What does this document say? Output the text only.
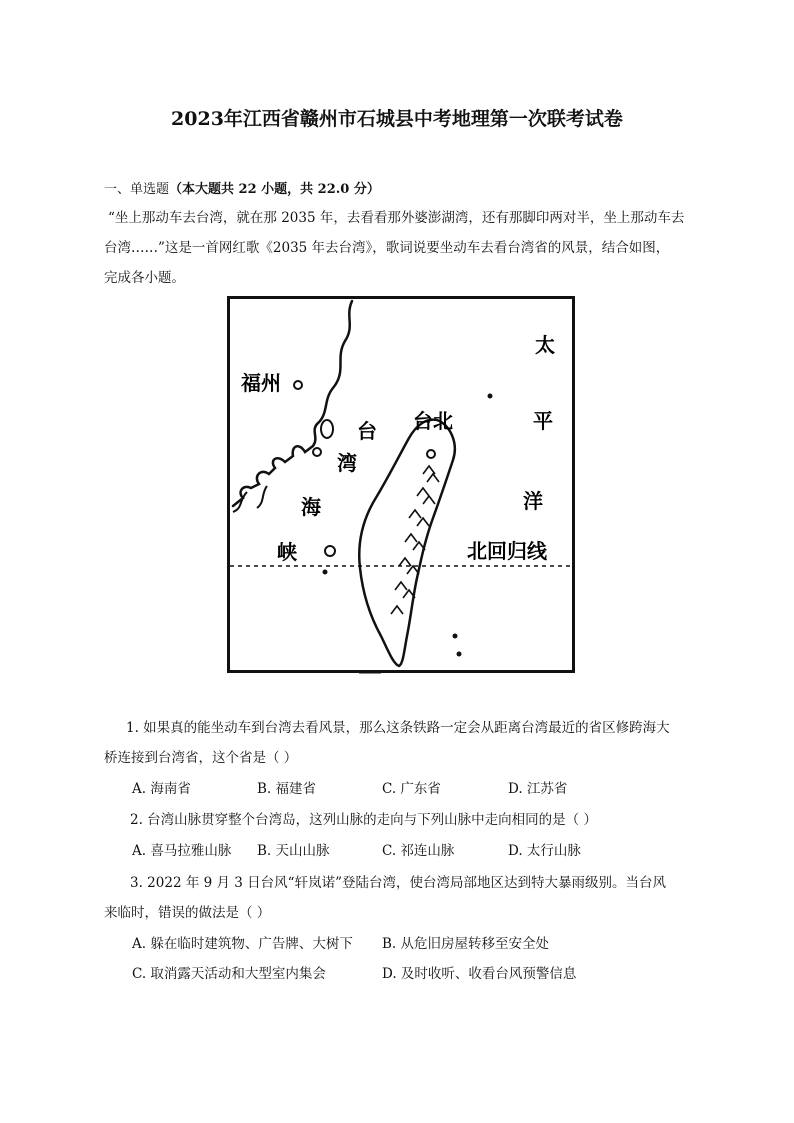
2023年江西省赣州市石城县中考地理第一次联考试卷
一、单选题（本大题共 22 小题，共 22.0 分）
“坐上那动车去台湾，就在那 2035 年，去看看那外婆澎湖湾，还有那脚印两对半，坐上那动车去
台湾……”这是一首网红歌《2035 年去台湾》，歌词说要坐动车去看台湾省的风景，结合如图，
完成各小题。
福州
台
湾
海
峡
台北
太
平
洋
北回归线
1. 如果真的能坐动车到台湾去看风景，那么这条铁路一定会从距离台湾最近的省区修跨海大
桥连接到台湾省，这个省是（ ）
A. 海南省	B. 福建省	C. 广东省	D. 江苏省
2. 台湾山脉贯穿整个台湾岛，这列山脉的走向与下列山脉中走向相同的是（ ）
A. 喜马拉雅山脉 B. 天山山脉	C. 祁连山脉	D. 太行山脉
3. 2022 年 9 月 3 日台风“轩岚诺”登陆台湾，使台湾局部地区达到特大暴雨级别。当台风
来临时，错误的做法是（ ）
A. 躲在临时建筑物、广告牌、大树下 B. 从危旧房屋转移至安全处
C. 取消露天活动和大型室内集会	D. 及时收听、收看台风预警信息
